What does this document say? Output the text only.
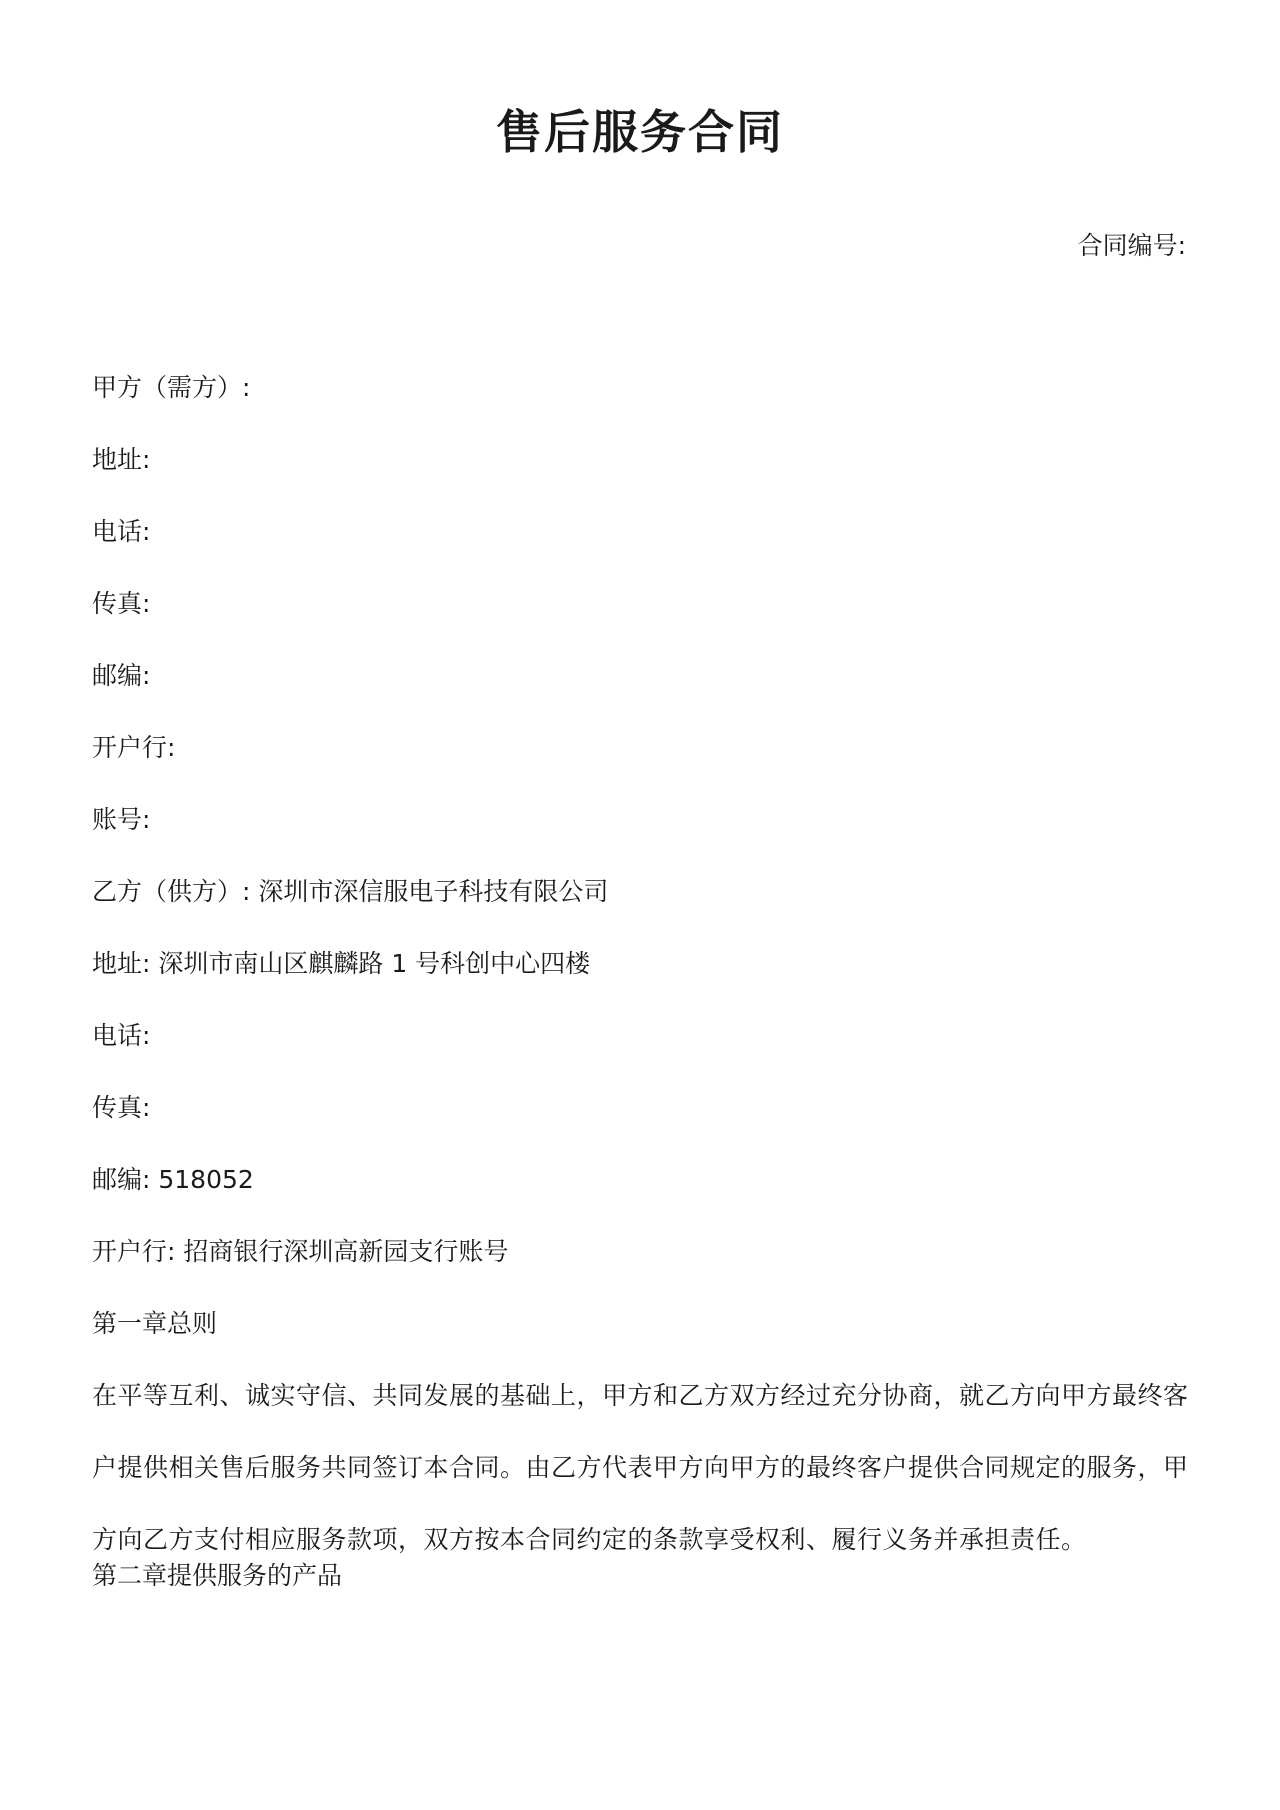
售后服务合同

合同编号:

甲方（需方）:

地址:

电话:

传真:

邮编:

开户行:

账号:

乙方（供方）: 深圳市深信服电子科技有限公司

地址: 深圳市南山区麒麟路 1 号科创中心四楼

电话:

传真:

邮编: 518052

开户行: 招商银行深圳高新园支行账号

第一章总则

在平等互利、诚实守信、共同发展的基础上，甲方和乙方双方经过充分协商，就乙方向甲方最终客户提供相关售后服务共同签订本合同。由乙方代表甲方向甲方的最终客户提供合同规定的服务，甲方向乙方支付相应服务款项，双方按本合同约定的条款享受权利、履行义务并承担责任。

第二章提供服务的产品
